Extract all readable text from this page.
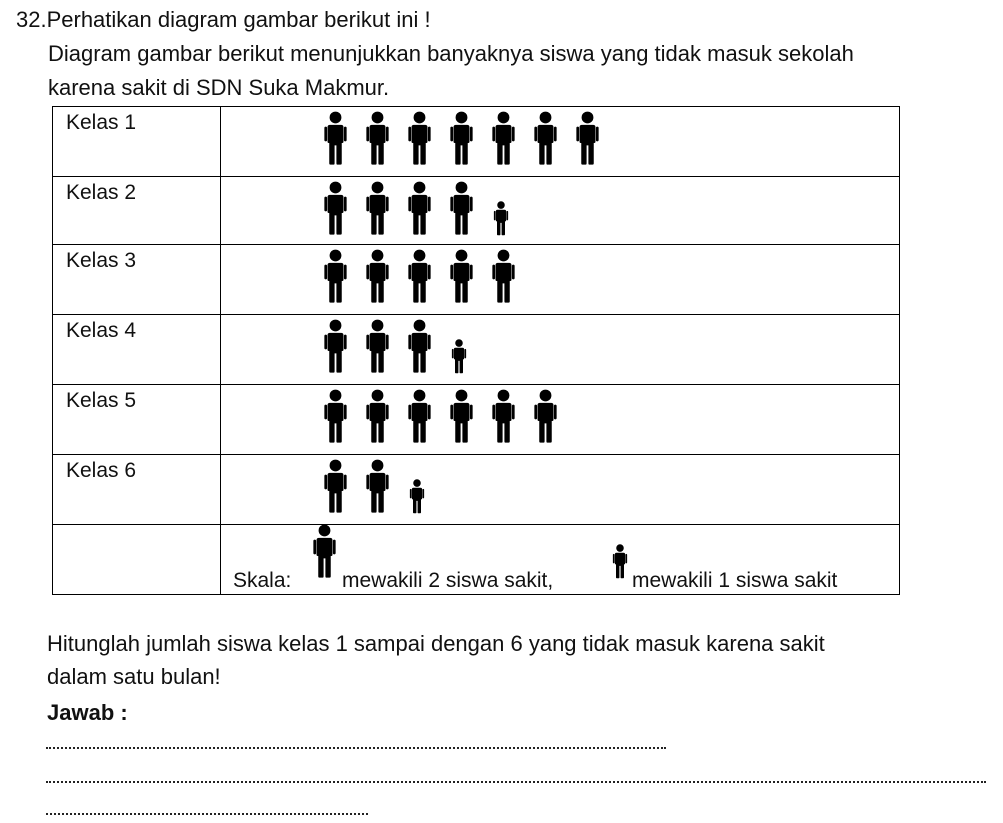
32.Perhatikan diagram gambar berikut ini !
Diagram gambar berikut menunjukkan banyaknya siswa yang tidak masuk sekolah
karena sakit di SDN Suka Makmur.
Kelas 1

Kelas 2

Kelas 3

Kelas 4

Kelas 5

Kelas 6

	Skala: mewakili 2 siswa sakit, mewakili 1 siswa sakit
Hitunglah jumlah siswa kelas 1 sampai dengan 6 yang tidak masuk karena sakit
dalam satu bulan!
Jawab :
